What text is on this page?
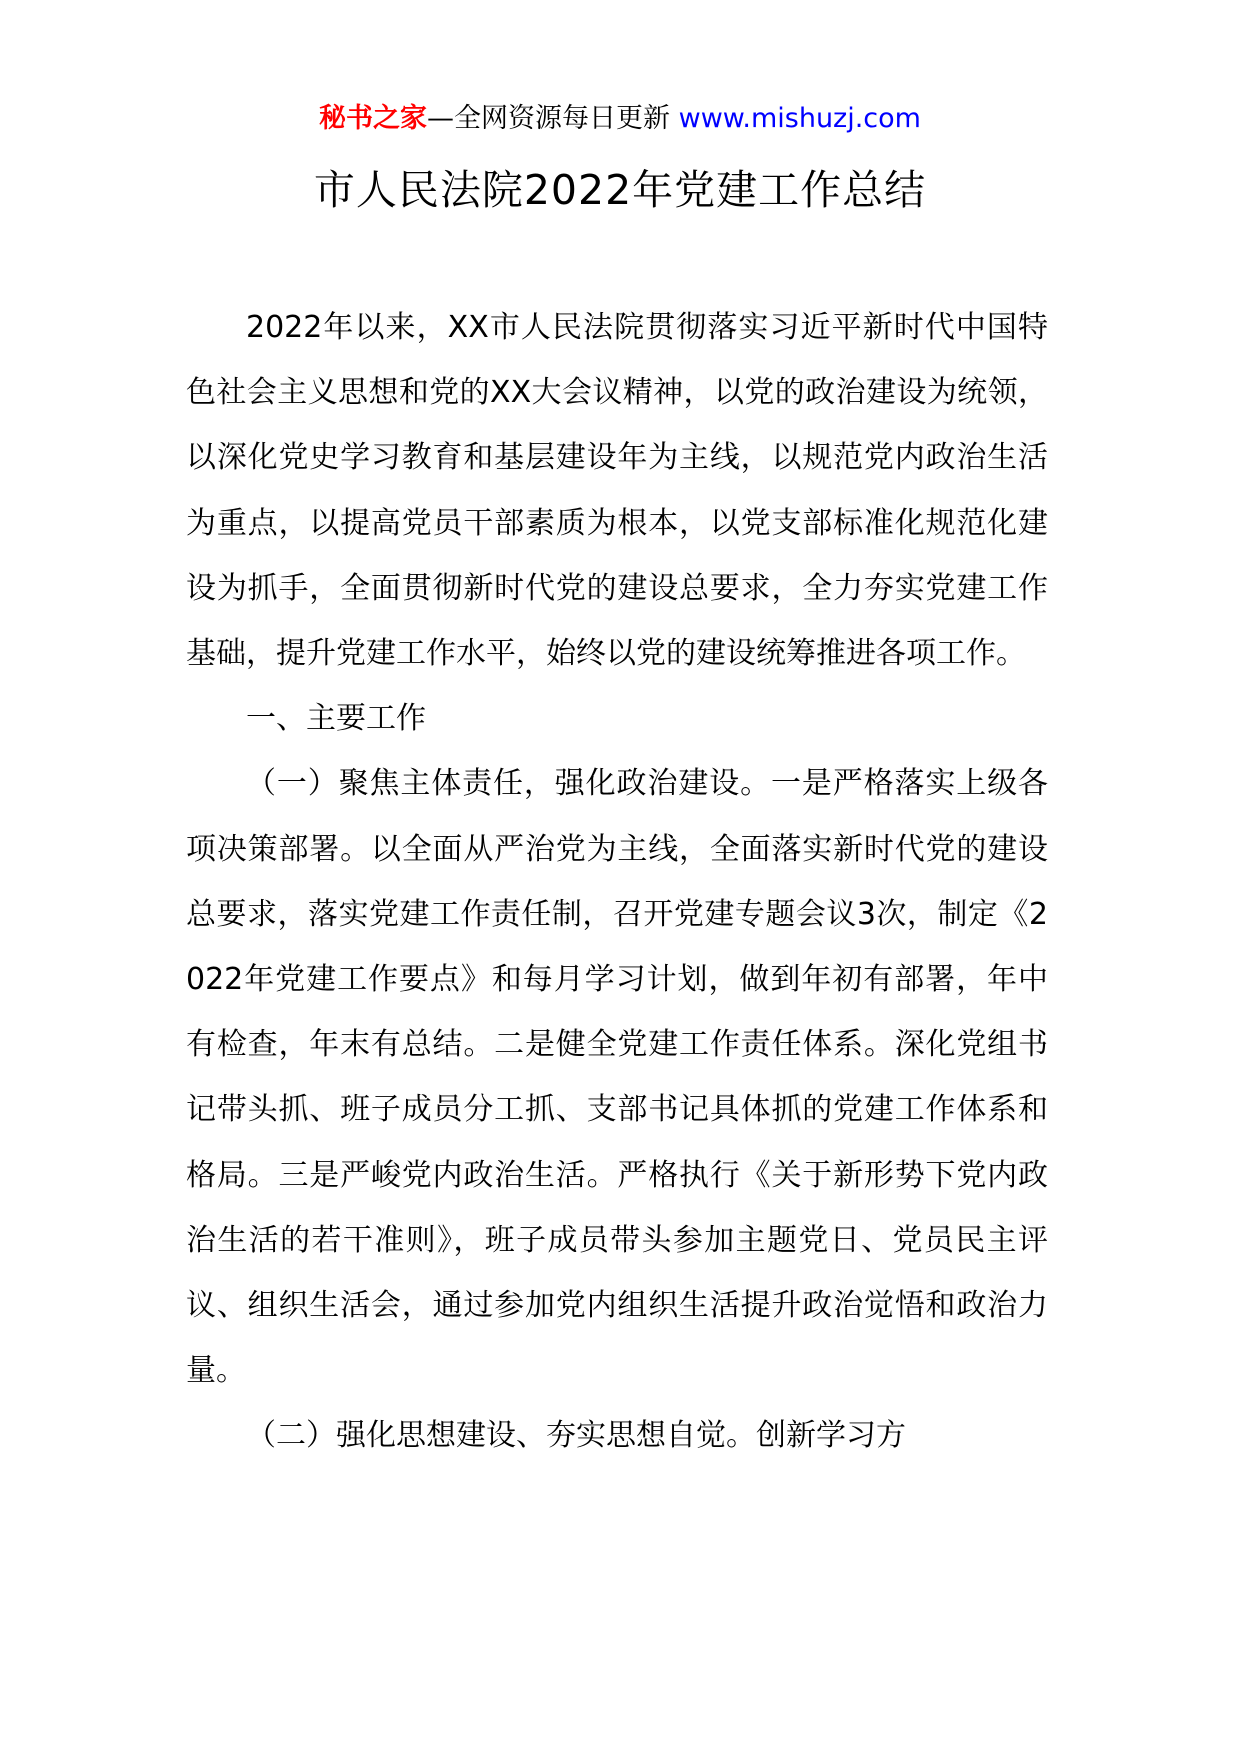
秘书之家—全网资源每日更新 www.mishuzj.com
市人民法院2022年党建工作总结

2022年以来，XX市人民法院贯彻落实习近平新时代中国特色社会主义思想和党的XX大会议精神，以党的政治建设为统领，以深化党史学习教育和基层建设年为主线，以规范党内政治生活为重点，以提高党员干部素质为根本，以党支部标准化规范化建设为抓手，全面贯彻新时代党的建设总要求，全力夯实党建工作基础，提升党建工作水平，始终以党的建设统筹推进各项工作。

一、主要工作

（一）聚焦主体责任，强化政治建设。一是严格落实上级各项决策部署。以全面从严治党为主线，全面落实新时代党的建设总要求，落实党建工作责任制，召开党建专题会议3次，制定《2022年党建工作要点》和每月学习计划，做到年初有部署，年中有检查，年末有总结。二是健全党建工作责任体系。深化党组书记带头抓、班子成员分工抓、支部书记具体抓的党建工作体系和格局。三是严峻党内政治生活。严格执行《关于新形势下党内政治生活的若干准则》，班子成员带头参加主题党日、党员民主评议、组织生活会，通过参加党内组织生活提升政治觉悟和政治力量。

（二）强化思想建设、夯实思想自觉。创新学习方
